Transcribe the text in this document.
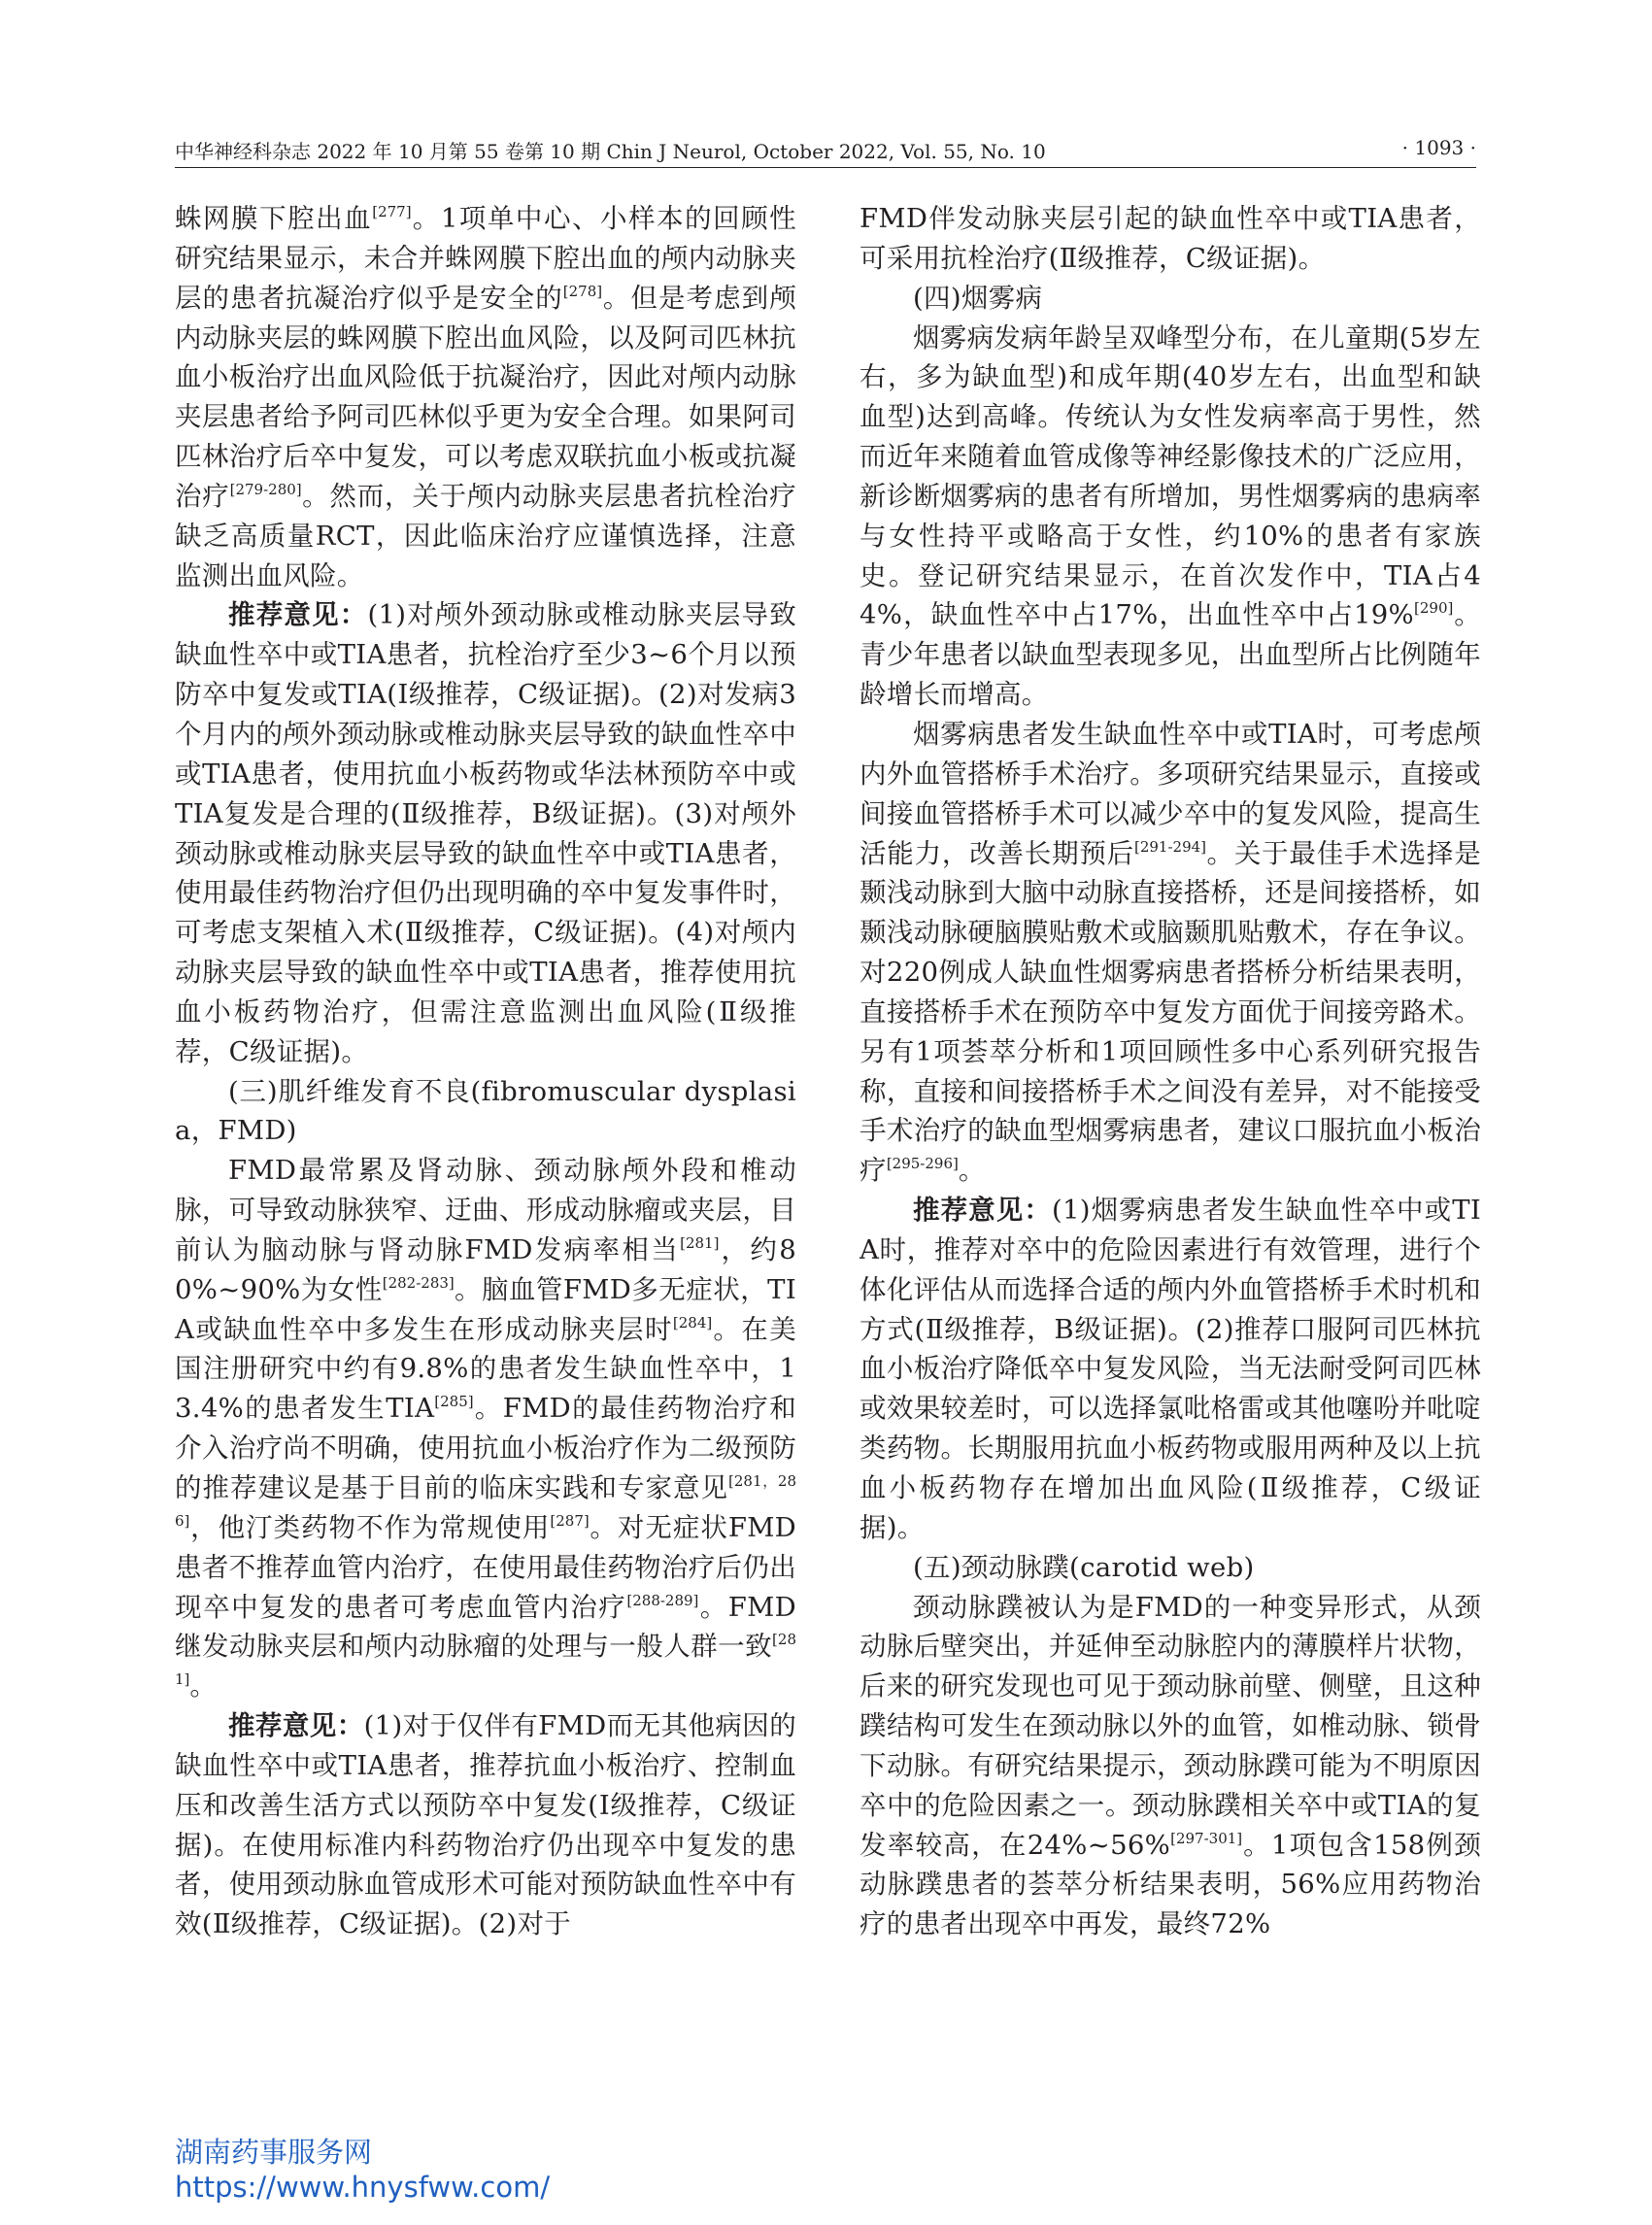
中华神经科杂志 2022 年 10 月第 55 卷第 10 期 Chin J Neurol, October 2022, Vol. 55, No. 10	· 1093 ·

蛛网膜下腔出血[277]。1项单中心、小样本的回顾性研究结果显示，未合并蛛网膜下腔出血的颅内动脉夹层的患者抗凝治疗似乎是安全的[278]。但是考虑到颅内动脉夹层的蛛网膜下腔出血风险，以及阿司匹林抗血小板治疗出血风险低于抗凝治疗，因此对颅内动脉夹层患者给予阿司匹林似乎更为安全合理。如果阿司匹林治疗后卒中复发，可以考虑双联抗血小板或抗凝治疗[279-280]。然而，关于颅内动脉夹层患者抗栓治疗缺乏高质量RCT，因此临床治疗应谨慎选择，注意监测出血风险。

推荐意见：(1)对颅外颈动脉或椎动脉夹层导致缺血性卒中或TIA患者，抗栓治疗至少3~6个月以预防卒中复发或TIA(Ⅰ级推荐，C级证据)。(2)对发病3个月内的颅外颈动脉或椎动脉夹层导致的缺血性卒中或TIA患者，使用抗血小板药物或华法林预防卒中或TIA复发是合理的(Ⅱ级推荐，B级证据)。(3)对颅外颈动脉或椎动脉夹层导致的缺血性卒中或TIA患者，使用最佳药物治疗但仍出现明确的卒中复发事件时，可考虑支架植入术(Ⅱ级推荐，C级证据)。(4)对颅内动脉夹层导致的缺血性卒中或TIA患者，推荐使用抗血小板药物治疗，但需注意监测出血风险(Ⅱ级推荐，C级证据)。

(三)肌纤维发育不良(fibromuscular dysplasia，FMD)

FMD最常累及肾动脉、颈动脉颅外段和椎动脉，可导致动脉狭窄、迂曲、形成动脉瘤或夹层，目前认为脑动脉与肾动脉FMD发病率相当[281]，约80%~90%为女性[282-283]。脑血管FMD多无症状，TIA或缺血性卒中多发生在形成动脉夹层时[284]。在美国注册研究中约有9.8%的患者发生缺血性卒中，13.4%的患者发生TIA[285]。FMD的最佳药物治疗和介入治疗尚不明确，使用抗血小板治疗作为二级预防的推荐建议是基于目前的临床实践和专家意见[281，286]，他汀类药物不作为常规使用[287]。对无症状FMD患者不推荐血管内治疗，在使用最佳药物治疗后仍出现卒中复发的患者可考虑血管内治疗[288-289]。FMD继发动脉夹层和颅内动脉瘤的处理与一般人群一致[281]。

推荐意见：(1)对于仅伴有FMD而无其他病因的缺血性卒中或TIA患者，推荐抗血小板治疗、控制血压和改善生活方式以预防卒中复发(Ⅰ级推荐，C级证据)。在使用标准内科药物治疗仍出现卒中复发的患者，使用颈动脉血管成形术可能对预防缺血性卒中有效(Ⅱ级推荐，C级证据)。(2)对于

FMD伴发动脉夹层引起的缺血性卒中或TIA患者，可采用抗栓治疗(Ⅱ级推荐，C级证据)。

(四)烟雾病

烟雾病发病年龄呈双峰型分布，在儿童期(5岁左右，多为缺血型)和成年期(40岁左右，出血型和缺血型)达到高峰。传统认为女性发病率高于男性，然而近年来随着血管成像等神经影像技术的广泛应用，新诊断烟雾病的患者有所增加，男性烟雾病的患病率与女性持平或略高于女性，约10%的患者有家族史。登记研究结果显示，在首次发作中，TIA占44%，缺血性卒中占17%，出血性卒中占19%[290]。青少年患者以缺血型表现多见，出血型所占比例随年龄增长而增高。

烟雾病患者发生缺血性卒中或TIA时，可考虑颅内外血管搭桥手术治疗。多项研究结果显示，直接或间接血管搭桥手术可以减少卒中的复发风险，提高生活能力，改善长期预后[291-294]。关于最佳手术选择是颞浅动脉到大脑中动脉直接搭桥，还是间接搭桥，如颞浅动脉硬脑膜贴敷术或脑颞肌贴敷术，存在争议。对220例成人缺血性烟雾病患者搭桥分析结果表明，直接搭桥手术在预防卒中复发方面优于间接旁路术。另有1项荟萃分析和1项回顾性多中心系列研究报告称，直接和间接搭桥手术之间没有差异，对不能接受手术治疗的缺血型烟雾病患者，建议口服抗血小板治疗[295-296]。

推荐意见：(1)烟雾病患者发生缺血性卒中或TIA时，推荐对卒中的危险因素进行有效管理，进行个体化评估从而选择合适的颅内外血管搭桥手术时机和方式(Ⅱ级推荐，B级证据)。(2)推荐口服阿司匹林抗血小板治疗降低卒中复发风险，当无法耐受阿司匹林或效果较差时，可以选择氯吡格雷或其他噻吩并吡啶类药物。长期服用抗血小板药物或服用两种及以上抗血小板药物存在增加出血风险(Ⅱ级推荐，C级证据)。

(五)颈动脉蹼(carotid web)

颈动脉蹼被认为是FMD的一种变异形式，从颈动脉后壁突出，并延伸至动脉腔内的薄膜样片状物，后来的研究发现也可见于颈动脉前壁、侧壁，且这种蹼结构可发生在颈动脉以外的血管，如椎动脉、锁骨下动脉。有研究结果提示，颈动脉蹼可能为不明原因卒中的危险因素之一。颈动脉蹼相关卒中或TIA的复发率较高，在24%~56%[297-301]。1项包含158例颈动脉蹼患者的荟萃分析结果表明，56%应用药物治疗的患者出现卒中再发，最终72%

湖南药事服务网
https://www.hnysfww.com/
